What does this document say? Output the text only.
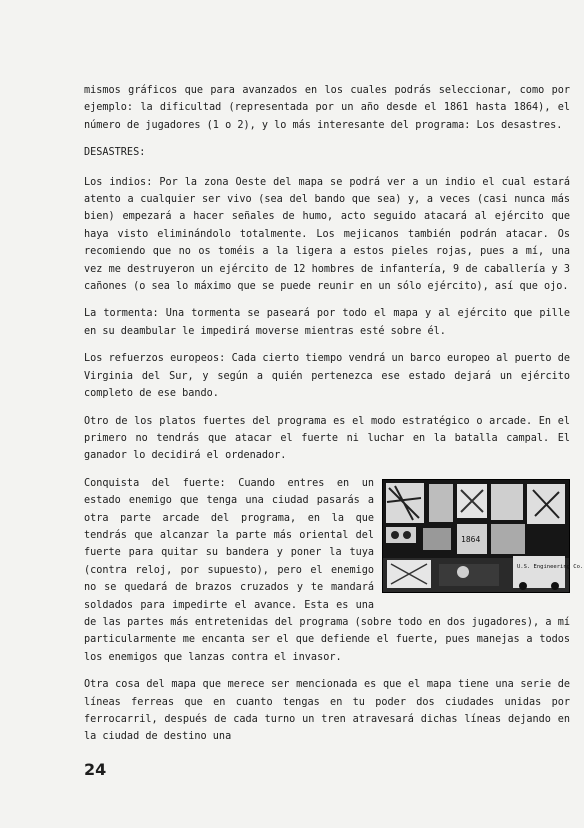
mismos gráficos que para avanzados en los cuales podrás seleccionar, como por ejemplo: la dificultad (representada por un año desde el 1861 hasta 1864), el número de jugadores (1 o 2), y lo más interesante del programa: Los desastres.

DESASTRES:

Los indios: Por la zona Oeste del mapa se podrá ver a un indio el cual estará atento a cualquier ser vivo (sea del bando que sea) y, a veces (casi nunca más bien) empezará a hacer señales de humo, acto seguido atacará al ejército que haya visto eliminándolo totalmente. Los mejicanos también podrán atacar. Os recomiendo que no os toméis a la ligera a estos pieles rojas, pues a mí, una vez me destruyeron un ejército de 12 hombres de infantería, 9 de caballería y 3 cañones (o sea lo máximo que se puede reunir en un sólo ejército), así que ojo.

La tormenta: Una tormenta se paseará por todo el mapa y al ejército que pille en su deambular le impedirá moverse mientras esté sobre él.

Los refuerzos europeos: Cada cierto tiempo vendrá un barco europeo al puerto de Virginia del Sur, y según a quién pertenezca ese estado dejará un ejército completo de ese bando.

Otro de los platos fuertes del programa es el modo estratégico o arcade. En el primero no tendrás que atacar el fuerte ni luchar en la batalla campal. El ganador lo decidirá el ordenador.

1864
U.S. Engineering Co.
Conquista del fuerte: Cuando entres en un estado enemigo que tenga una ciudad pasarás a otra parte arcade del programa, en la que tendrás que alcanzar la parte más oriental del fuerte para quitar su bandera y poner la tuya (contra reloj, por supuesto), pero el enemigo no se quedará de brazos cruzados y te mandará soldados para impedirte el avance. Esta es una de las partes más entretenidas del programa (sobre todo en dos jugadores), a mí particularmente me encanta ser el que defiende el fuerte, pues manejas a todos los enemigos que lanzas contra el invasor.

Otra cosa del mapa que merece ser mencionada es que el mapa tiene una serie de líneas ferreas que en cuanto tengas en tu poder dos ciudades unidas por ferrocarril, después de cada turno un tren atravesará dichas líneas dejando en la ciudad de destino una

24
